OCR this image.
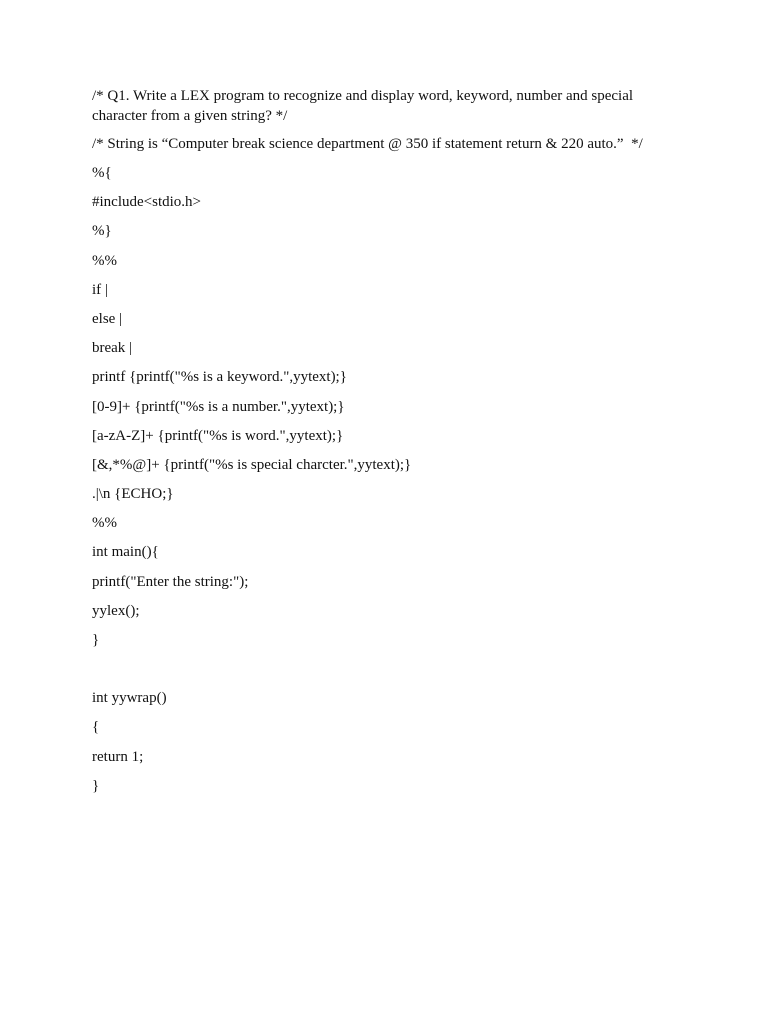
/* Q1. Write a LEX program to recognize and display word, keyword, number and special character from a given string? */
/* String is “Computer break science department @ 350 if statement return & 220 auto.”  */
%{
#include<stdio.h>
%}
%%
if |
else |
break |
printf {printf("%s is a keyword.",yytext);}
[0-9]+ {printf("%s is a number.",yytext);}
[a-zA-Z]+ {printf("%s is word.",yytext);}
[&,*%@]+ {printf("%s is special charcter.",yytext);}
.|\n {ECHO;}
%%
int main(){
printf("Enter the string:");
yylex();
}
int yywrap()
{
return 1;
}
